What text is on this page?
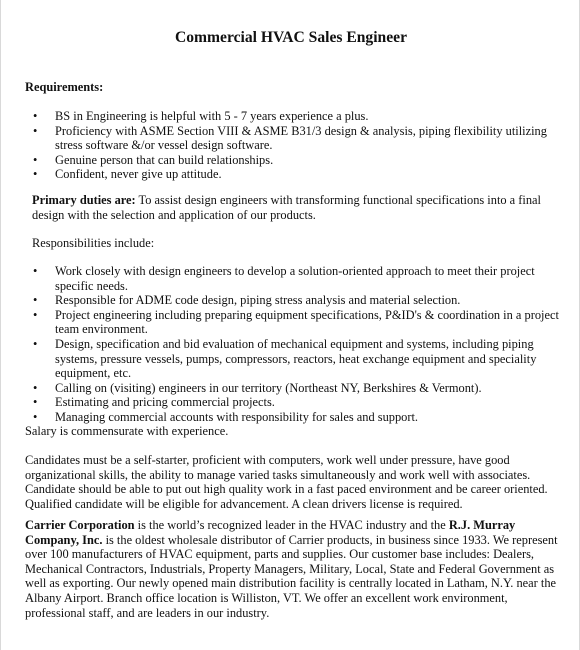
Commercial HVAC Sales Engineer
Requirements:
• BS in Engineering is helpful with 5 - 7 years experience a plus.
• Proficiency with ASME Section VIII & ASME B31/3 design & analysis, piping flexibility utilizing stress software &/or vessel design software.
• Genuine person that can build relationships.
• Confident, never give up attitude.
Primary duties are: To assist design engineers with transforming functional specifications into a final design with the selection and application of our products.
Responsibilities include:
• Work closely with design engineers to develop a solution-oriented approach to meet their project specific needs.
• Responsible for ADME code design, piping stress analysis and material selection.
• Project engineering including preparing equipment specifications, P&ID's & coordination in a project team environment.
• Design, specification and bid evaluation of mechanical equipment and systems, including piping systems, pressure vessels, pumps, compressors, reactors, heat exchange equipment and speciality equipment, etc.
• Calling on (visiting) engineers in our territory (Northeast NY, Berkshires & Vermont).
• Estimating and pricing commercial projects.
• Managing commercial accounts with responsibility for sales and support.
Salary is commensurate with experience.
Candidates must be a self-starter, proficient with computers, work well under pressure, have good organizational skills, the ability to manage varied tasks simultaneously and work well with associates. Candidate should be able to put out high quality work in a fast paced environment and be career oriented. Qualified candidate will be eligible for advancement. A clean drivers license is required.
Carrier Corporation is the world’s recognized leader in the HVAC industry and the R.J. Murray Company, Inc. is the oldest wholesale distributor of Carrier products, in business since 1933. We represent over 100 manufacturers of HVAC equipment, parts and supplies. Our customer base includes: Dealers, Mechanical Contractors, Industrials, Property Managers, Military, Local, State and Federal Government as well as exporting. Our newly opened main distribution facility is centrally located in Latham, N.Y. near the Albany Airport. Branch office location is Williston, VT. We offer an excellent work environment, professional staff, and are leaders in our industry.
